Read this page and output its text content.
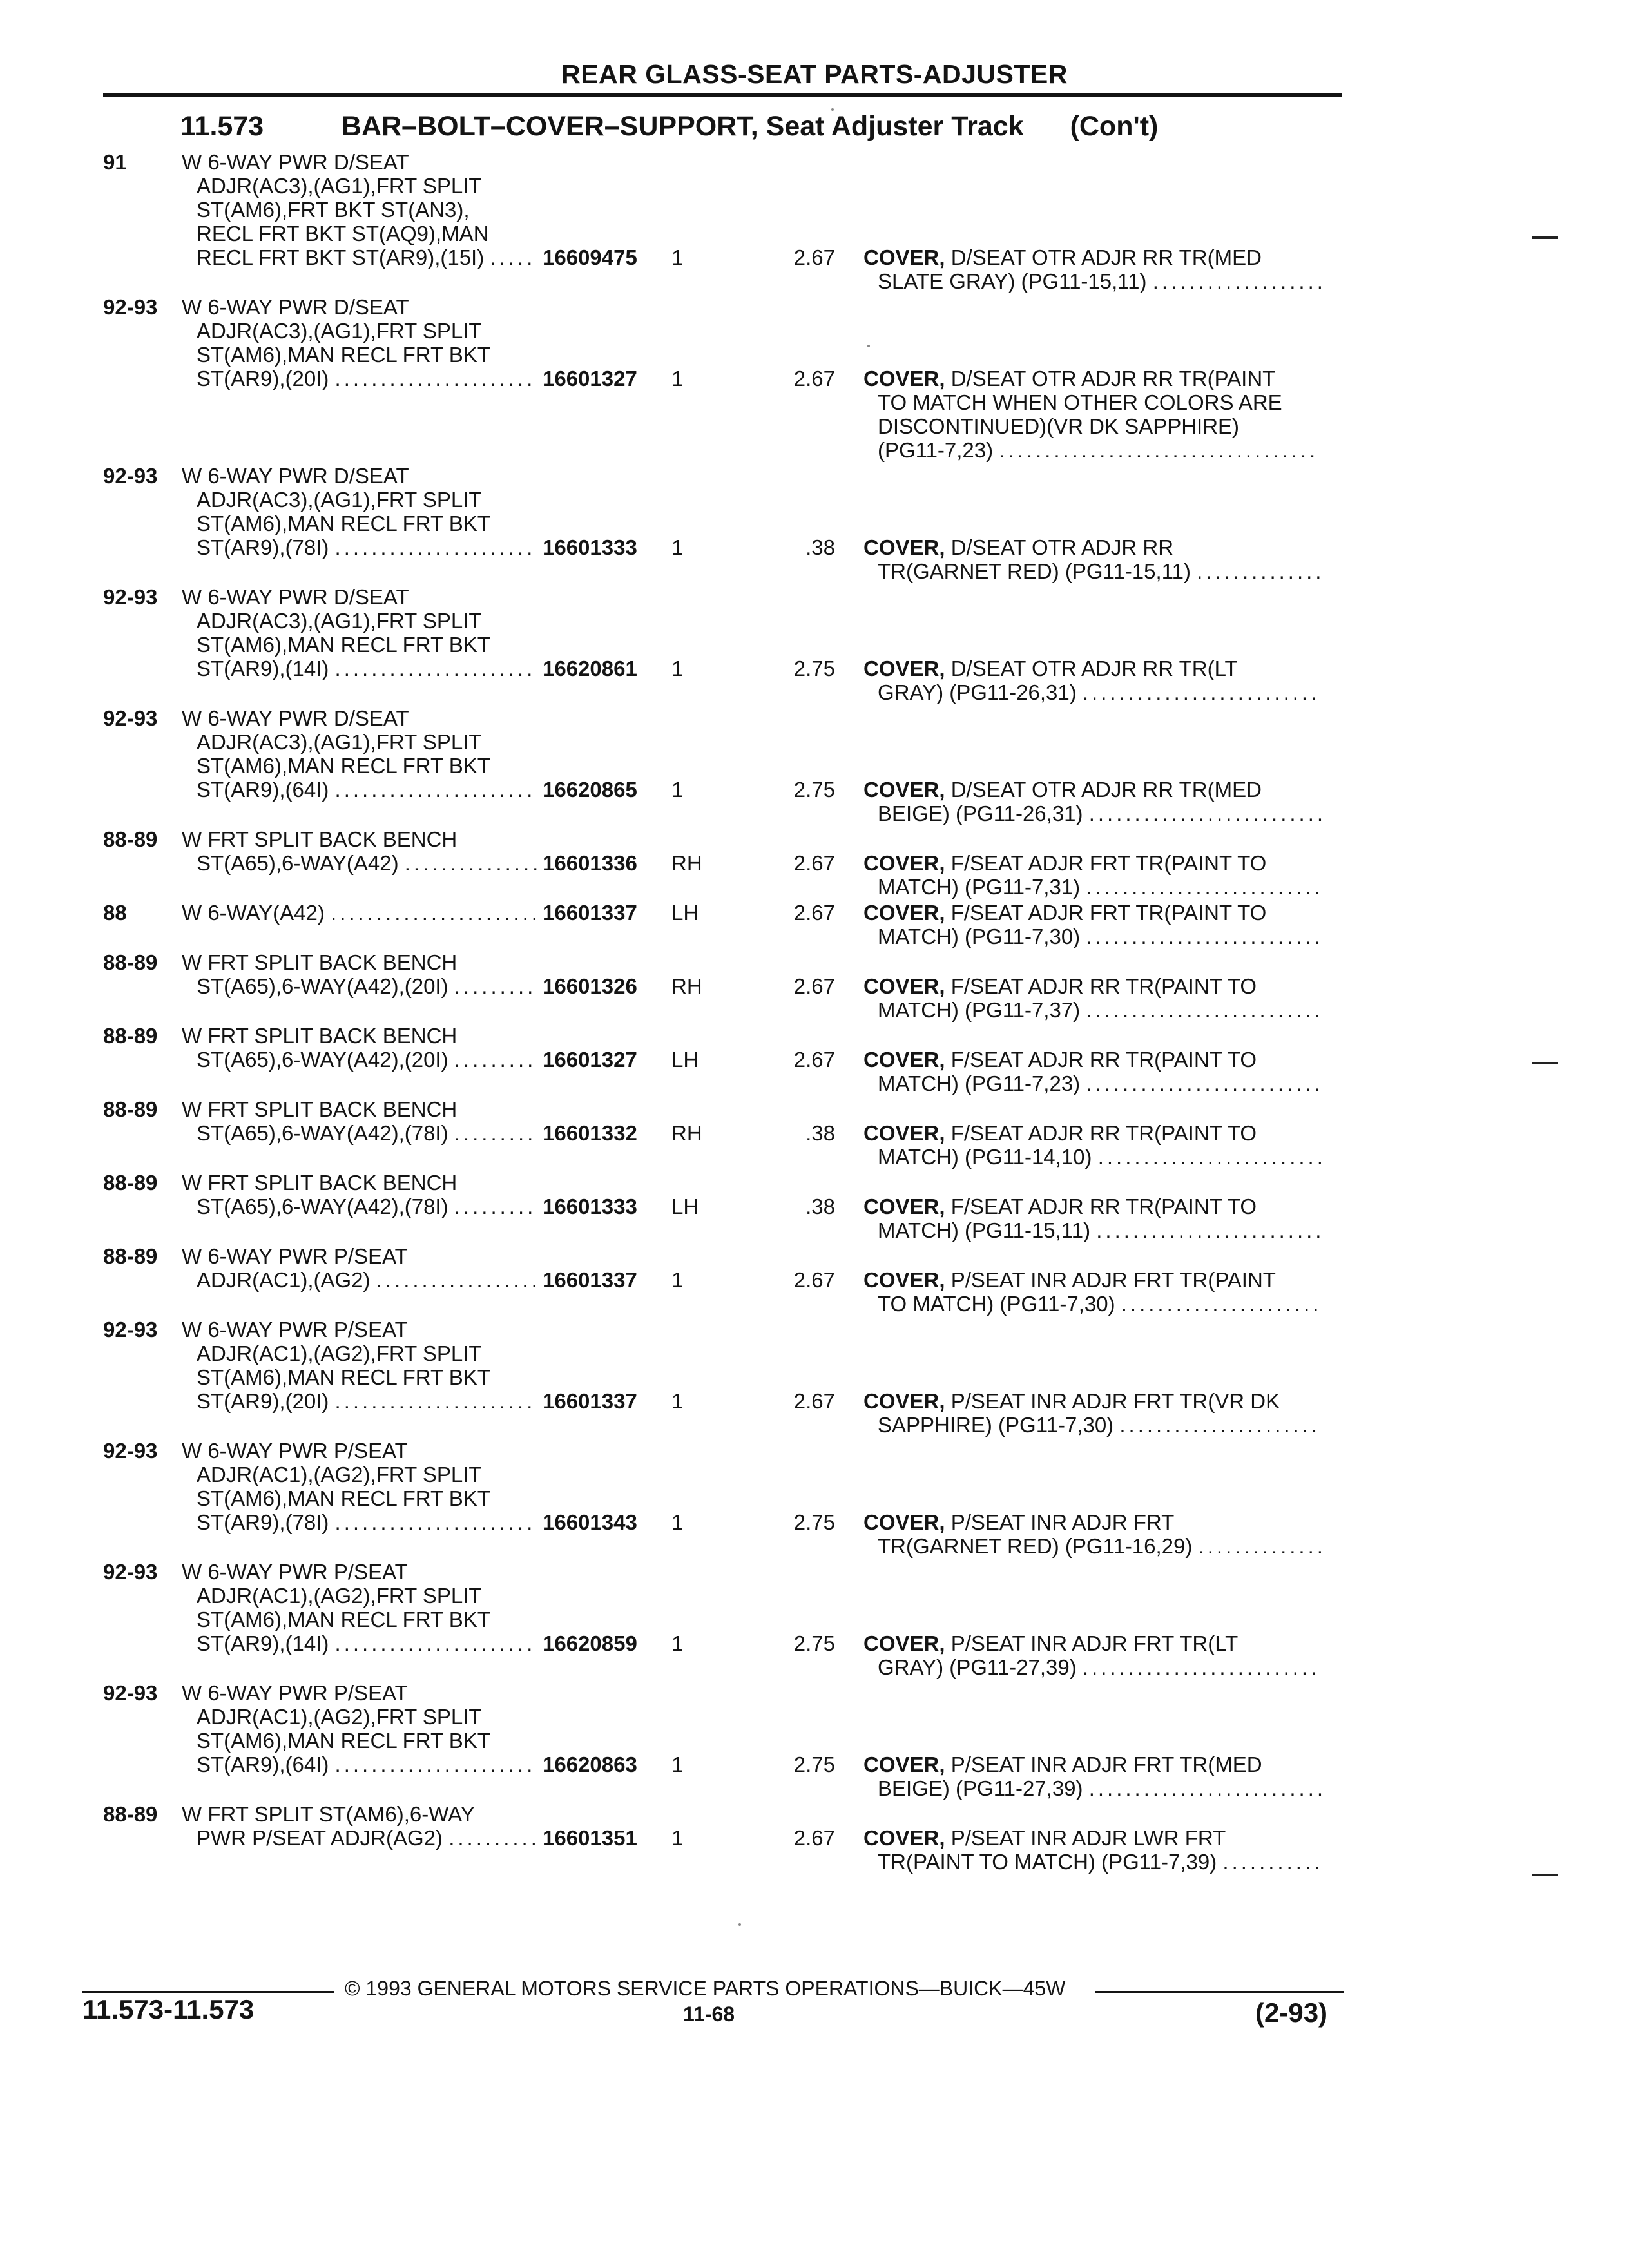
REAR GLASS-SEAT PARTS-ADJUSTER
11.573	BAR–BOLT–COVER–SUPPORT, Seat Adjuster Track (Con't)
91	W 6-WAY PWR D/SEAT
ADJR(AC3),(AG1),FRT SPLIT
ST(AM6),FRT BKT ST(AN3),
RECL FRT BKT ST(AQ9),MAN
RECL FRT BKT ST(AR9),(15I) ..... 16609475 1	2.67 COVER, D/SEAT OTR ADJR RR TR(MED
SLATE GRAY) (PG11-15,11) ...................
92-93 W 6-WAY PWR D/SEAT
ADJR(AC3),(AG1),FRT SPLIT
ST(AM6),MAN RECL FRT BKT
ST(AR9),(20I) ...................... 16601327 1	2.67 COVER, D/SEAT OTR ADJR RR TR(PAINT
TO MATCH WHEN OTHER COLORS ARE
DISCONTINUED)(VR DK SAPPHIRE)
(PG11-7,23) ...................................
92-93 W 6-WAY PWR D/SEAT
ADJR(AC3),(AG1),FRT SPLIT
ST(AM6),MAN RECL FRT BKT
ST(AR9),(78I) ...................... 16601333 1	.38 COVER, D/SEAT OTR ADJR RR
TR(GARNET RED) (PG11-15,11) ..............
92-93 W 6-WAY PWR D/SEAT
ADJR(AC3),(AG1),FRT SPLIT
ST(AM6),MAN RECL FRT BKT
ST(AR9),(14I) ...................... 16620861 1	2.75 COVER, D/SEAT OTR ADJR RR TR(LT
GRAY) (PG11-26,31) ..........................
92-93 W 6-WAY PWR D/SEAT
ADJR(AC3),(AG1),FRT SPLIT
ST(AM6),MAN RECL FRT BKT
ST(AR9),(64I) ...................... 16620865 1	2.75 COVER, D/SEAT OTR ADJR RR TR(MED
BEIGE) (PG11-26,31) ..........................
88-89 W FRT SPLIT BACK BENCH
ST(A65),6-WAY(A42) ............... 16601336 RH	2.67 COVER, F/SEAT ADJR FRT TR(PAINT TO
MATCH) (PG11-7,31) ..........................
88	W 6-WAY(A42) ....................... 16601337 LH	2.67 COVER, F/SEAT ADJR FRT TR(PAINT TO
MATCH) (PG11-7,30) ..........................
88-89 W FRT SPLIT BACK BENCH
ST(A65),6-WAY(A42),(20I) ......... 16601326 RH	2.67 COVER, F/SEAT ADJR RR TR(PAINT TO
MATCH) (PG11-7,37) ..........................
88-89 W FRT SPLIT BACK BENCH
ST(A65),6-WAY(A42),(20I) ......... 16601327 LH	2.67 COVER, F/SEAT ADJR RR TR(PAINT TO
MATCH) (PG11-7,23) ..........................
88-89 W FRT SPLIT BACK BENCH
ST(A65),6-WAY(A42),(78I) ......... 16601332 RH	.38 COVER, F/SEAT ADJR RR TR(PAINT TO
MATCH) (PG11-14,10) .........................
88-89 W FRT SPLIT BACK BENCH
ST(A65),6-WAY(A42),(78I) ......... 16601333 LH	.38 COVER, F/SEAT ADJR RR TR(PAINT TO
MATCH) (PG11-15,11) .........................
88-89 W 6-WAY PWR P/SEAT
ADJR(AC1),(AG2) .................. 16601337 1	2.67 COVER, P/SEAT INR ADJR FRT TR(PAINT
TO MATCH) (PG11-7,30) ......................
92-93 W 6-WAY PWR P/SEAT
ADJR(AC1),(AG2),FRT SPLIT
ST(AM6),MAN RECL FRT BKT
ST(AR9),(20I) ...................... 16601337 1	2.67 COVER, P/SEAT INR ADJR FRT TR(VR DK
SAPPHIRE) (PG11-7,30) ......................
92-93 W 6-WAY PWR P/SEAT
ADJR(AC1),(AG2),FRT SPLIT
ST(AM6),MAN RECL FRT BKT
ST(AR9),(78I) ...................... 16601343 1	2.75 COVER, P/SEAT INR ADJR FRT
TR(GARNET RED) (PG11-16,29) ..............
92-93 W 6-WAY PWR P/SEAT
ADJR(AC1),(AG2),FRT SPLIT
ST(AM6),MAN RECL FRT BKT
ST(AR9),(14I) ...................... 16620859 1	2.75 COVER, P/SEAT INR ADJR FRT TR(LT
GRAY) (PG11-27,39) ..........................
92-93 W 6-WAY PWR P/SEAT
ADJR(AC1),(AG2),FRT SPLIT
ST(AM6),MAN RECL FRT BKT
ST(AR9),(64I) ...................... 16620863 1	2.75 COVER, P/SEAT INR ADJR FRT TR(MED
BEIGE) (PG11-27,39) ..........................
88-89 W FRT SPLIT ST(AM6),6-WAY
PWR P/SEAT ADJR(AG2) .......... 16601351 1	2.67 COVER, P/SEAT INR ADJR LWR FRT
TR(PAINT TO MATCH) (PG11-7,39) ...........
© 1993 GENERAL MOTORS SERVICE PARTS OPERATIONS—BUICK—45W
11.573-11.573	11-68	(2-93)
